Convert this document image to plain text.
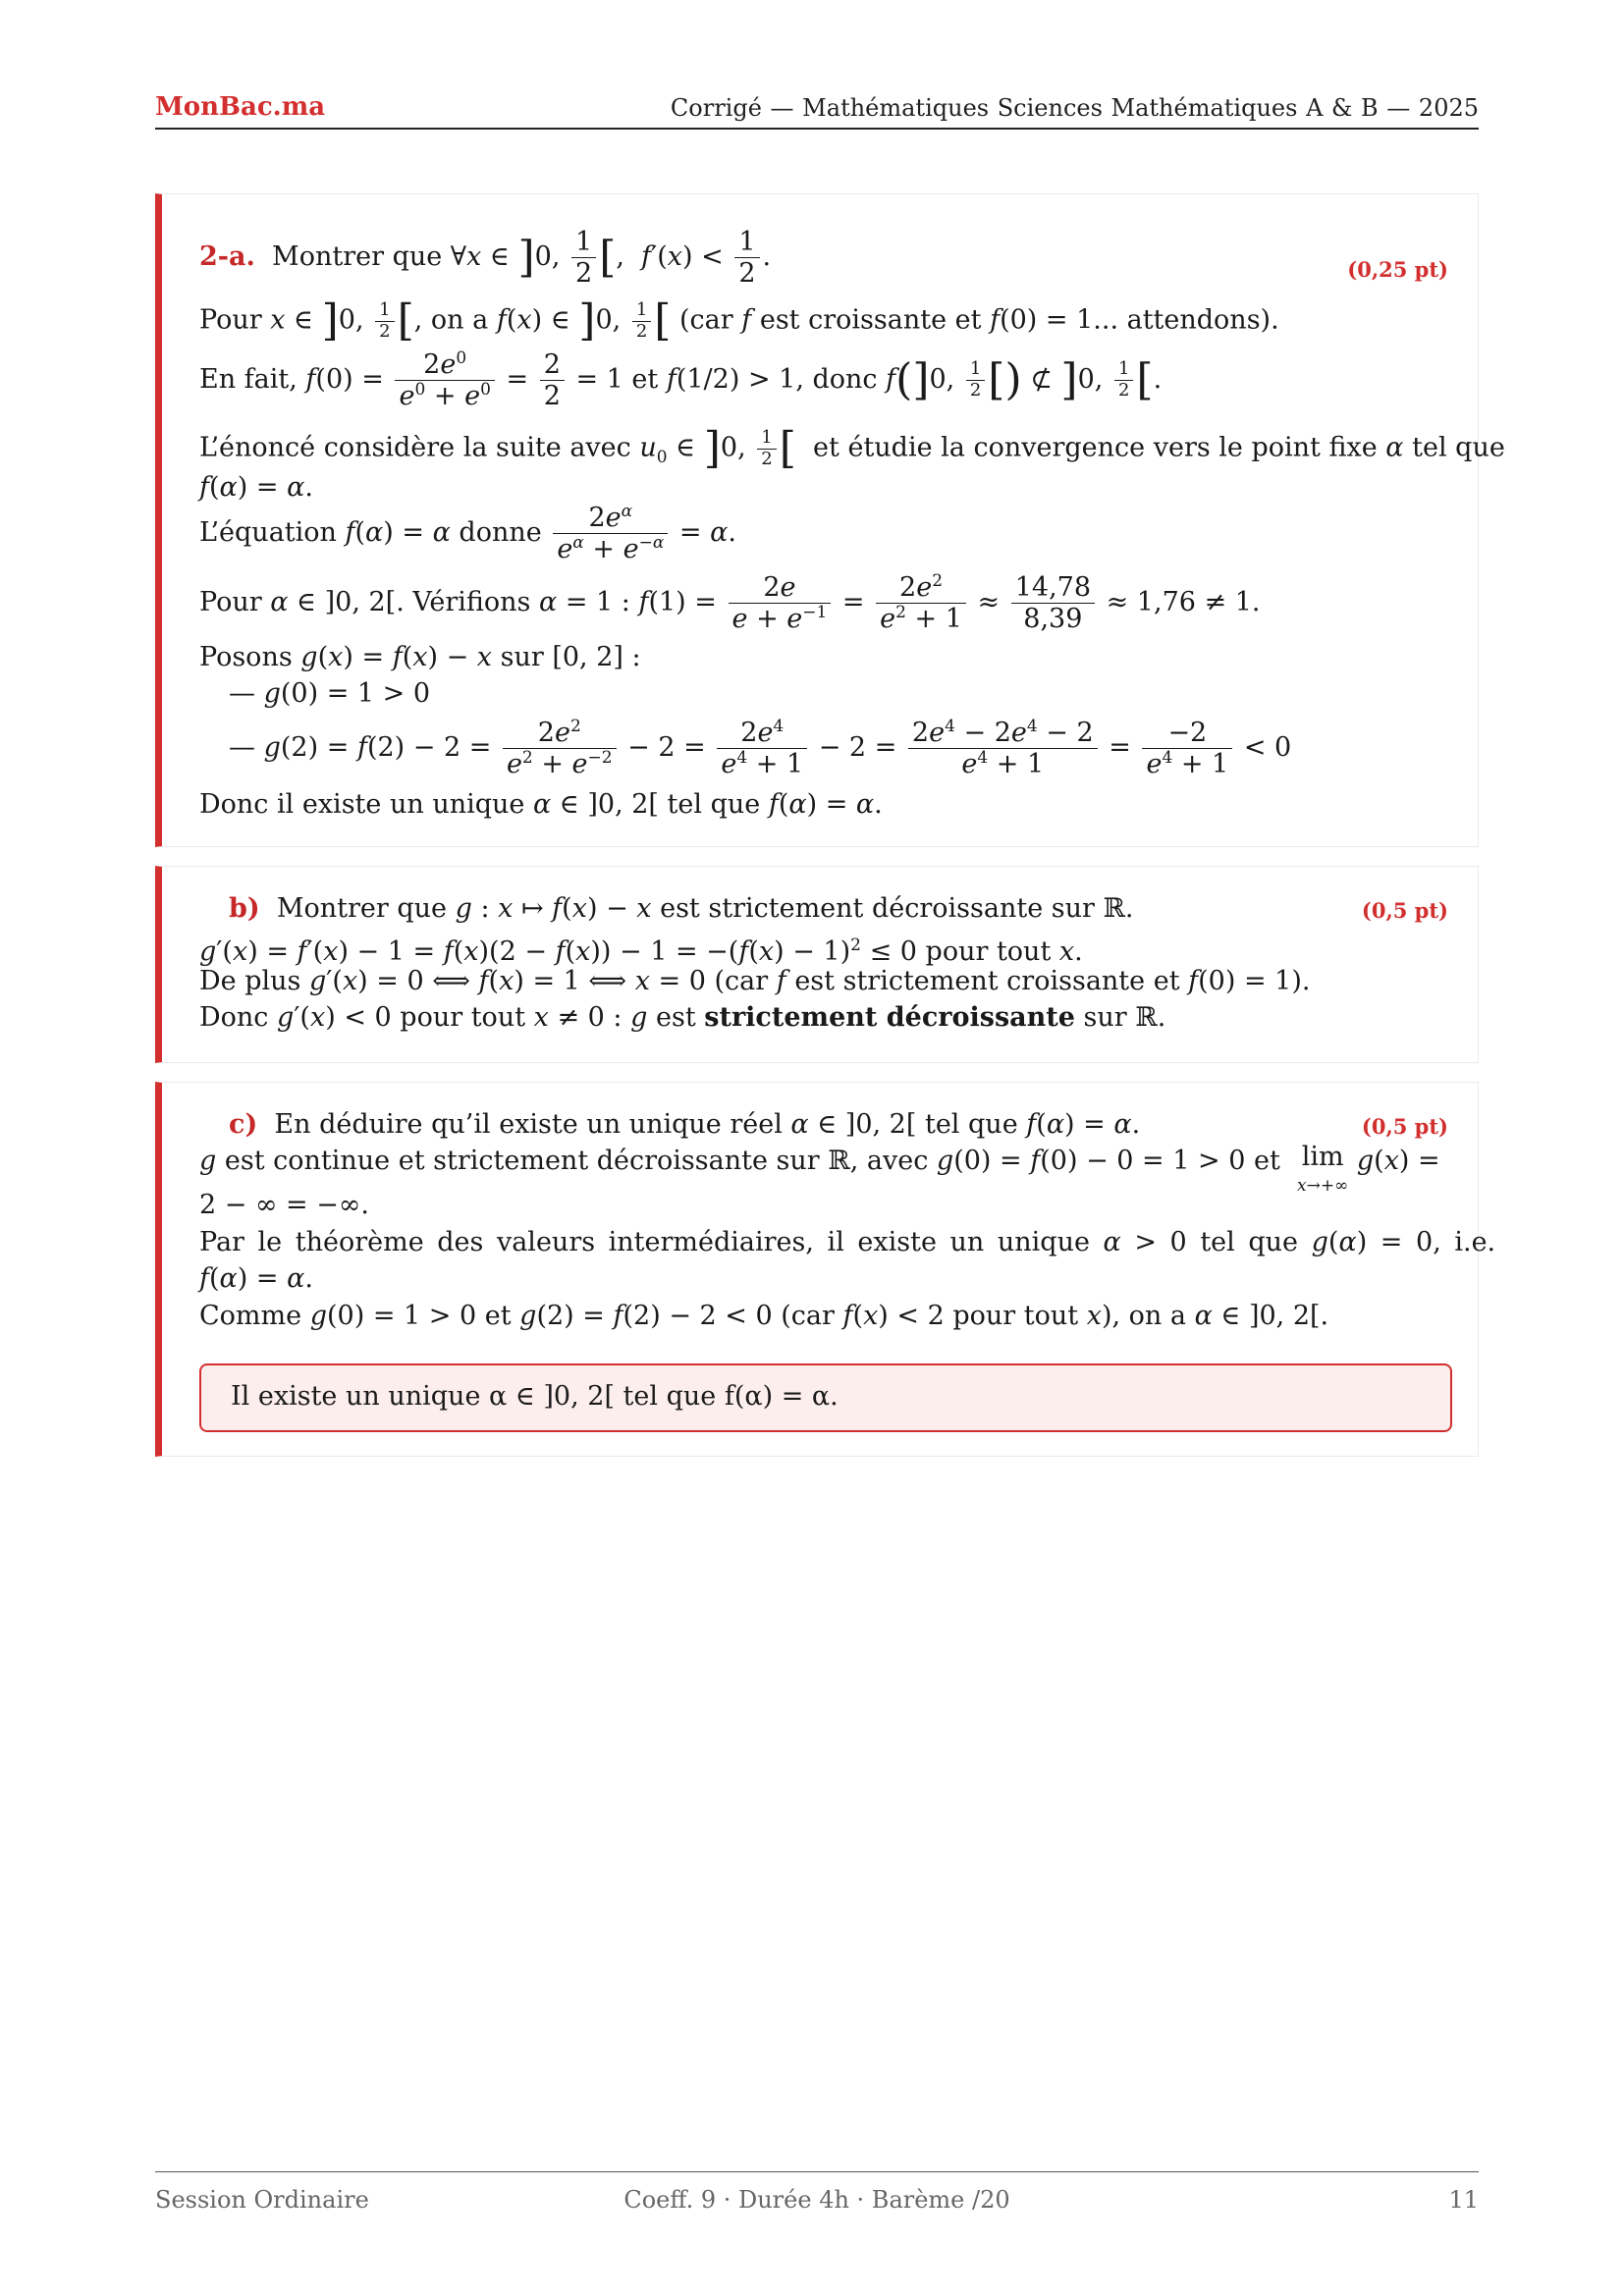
MonBac.ma	Corrigé — Mathématiques Sciences Mathématiques A & B — 2025
2-a.  Montrer que ∀x ∈ ]0, $\frac{1}{2}$ [,  $f'(x) < \frac{1}{2}$ .	(0,25 pt)
Pour x ∈ ]0, $\frac{1}{2}$ [, on a f(x) ∈ ]0, $\frac{1}{2}$ [ (car f est croissante et f(0) = 1... attendons).
En fait, $f(0) = \frac{2e^0}{e^0 + e^0} = \frac{2}{2} = 1$ et f(1/2) > 1, donc f(]0, $\frac{1}{2}$ [) ⊄ ]0, $\frac{1}{2}$ [.
L’énoncé considère la suite avec $u_0$ ∈ ]0, $\frac{1}{2}$ [  et étudie la convergence vers le point fixe α tel que
f(α) = α.
L’équation f(α) = α donne $\frac{2e^\alpha}{e^\alpha + e^{-\alpha}} = \alpha$.
Pour α ∈ ]0, 2[. Vérifions α = 1 : $f(1) = \frac{2e}{e + e^{-1}} = \frac{2e^2}{e^2 + 1} \approx \frac{14,78}{8,39} \approx 1,76 \ne 1$.
Posons g(x) = f(x) − x sur [0, 2] :
— g(0) = 1 > 0
— $g(2) = f(2) - 2 = \frac{2e^2}{e^2 + e^{-2}} - 2 = \frac{2e^4}{e^4 + 1} - 2 = \frac{2e^4 - 2e^4 - 2}{e^4 + 1} = \frac{-2}{e^4 + 1} < 0$
Donc il existe un unique α ∈ ]0, 2[ tel que f(α) = α.
b)  Montrer que g : x ↦ f(x) − x est strictement décroissante sur ℝ.	(0,5 pt)
$g'(x) = f'(x) - 1 = f(x)(2 - f(x)) - 1 = -(f(x) - 1)^2 \le 0$ pour tout x.
De plus g′(x) = 0 ⟺ f(x) = 1 ⟺ x = 0 (car f est strictement croissante et f(0) = 1).
Donc g′(x) < 0 pour tout x ≠ 0 : g est strictement décroissante sur ℝ.
c)  En déduire qu’il existe un unique réel α ∈ ]0, 2[ tel que f(α) = α.	(0,5 pt)
g est continue et strictement décroissante sur ℝ, avec g(0) = f(0) − 0 = 1 > 0 et  lim
x→+∞ g(x) =
2 − ∞ = −∞.
Par le théorème des valeurs intermédiaires, il existe un unique α > 0 tel que g(α) = 0, i.e.
f(α) = α.
Comme g(0) = 1 > 0 et g(2) = f(2) − 2 < 0 (car f(x) < 2 pour tout x), on a α ∈ ]0, 2[.
Il existe un unique α ∈ ]0, 2[ tel que f(α) = α.
Session Ordinaire	Coeff. 9 · Durée 4h · Barème /20	11
